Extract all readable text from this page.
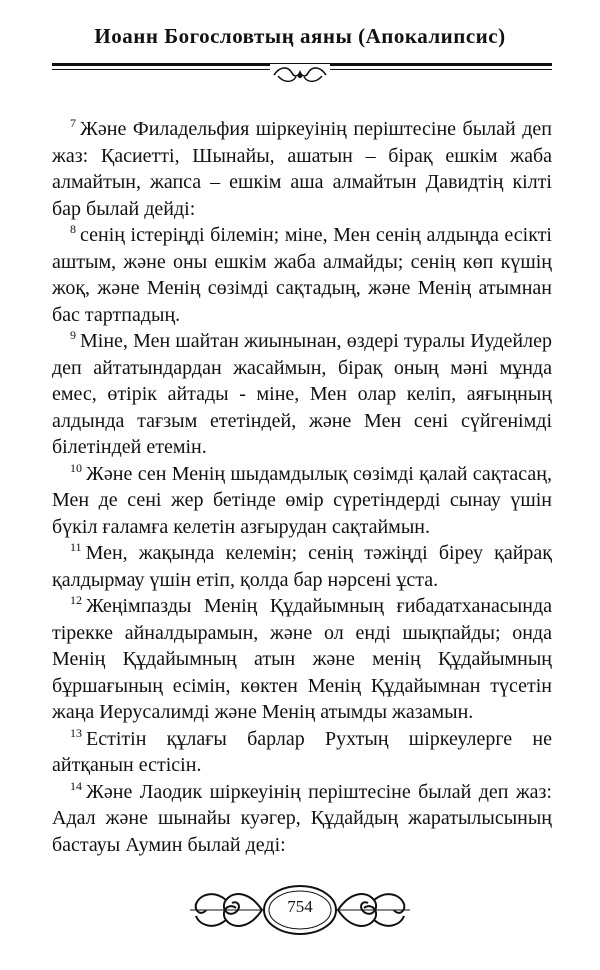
Иоанн Богословтың аяны (Апокалипсис)

$^7$ Және Филадельфия шіркеуінің періштесіне былай деп жаз: Қасиетті, Шынайы, ашатын – бірақ ешкім жаба алмайтын, жапса – ешкім аша алмайтын Давидтің кілті бар былай дейді:

$^8$ сенің істеріңді білемін; міне, Мен сенің алдыңда есікті аштым, және оны ешкім жаба алмайды; сенің көп күшің жоқ, және Менің сөзімді сақтадың, және Менің атымнан бас тартпадың.

$^9$ Міне, Мен шайтан жиынынан, өздері туралы Иудейлер деп айтатындардан жасаймын, бірақ оның мәні мұнда емес, өтірік айтады - міне, Мен олар келіп, аяғыңның алдында тағзым ететіндей, және Мен сені сүйгенімді білетіндей етемін.

$^{10}$ Және сен Менің шыдамдылық сөзімді қалай сақтасаң, Мен де сені жер бетінде өмір сүретіндерді сынау үшін бүкіл ғаламға келетін азғырудан сақтаймын.

$^{11}$ Мен, жақында келемін; сенің тәжіңді біреу қайрақ қалдырмау үшін етіп, қолда бар нәрсені ұста.

$^{12}$ Жеңімпазды Менің Құдайымның ғибадатханасында тірекке айналдырамын, және ол енді шықпайды; онда Менің Құдайымның атын және менің Құдайымның бұршағының есімін, көктен Менің Құдайымнан түсетін жаңа Иерусалимді және Менің атымды жазамын.

$^{13}$ Естітін құлағы барлар Рухтың шіркеулерге не айтқанын естісін.

$^{14}$ Және Лаодик шіркеуінің періштесіне былай деп жаз: Адал және шынайы куәгер, Құдайдың жаратылысының бастауы Аумин былай деді:

754
